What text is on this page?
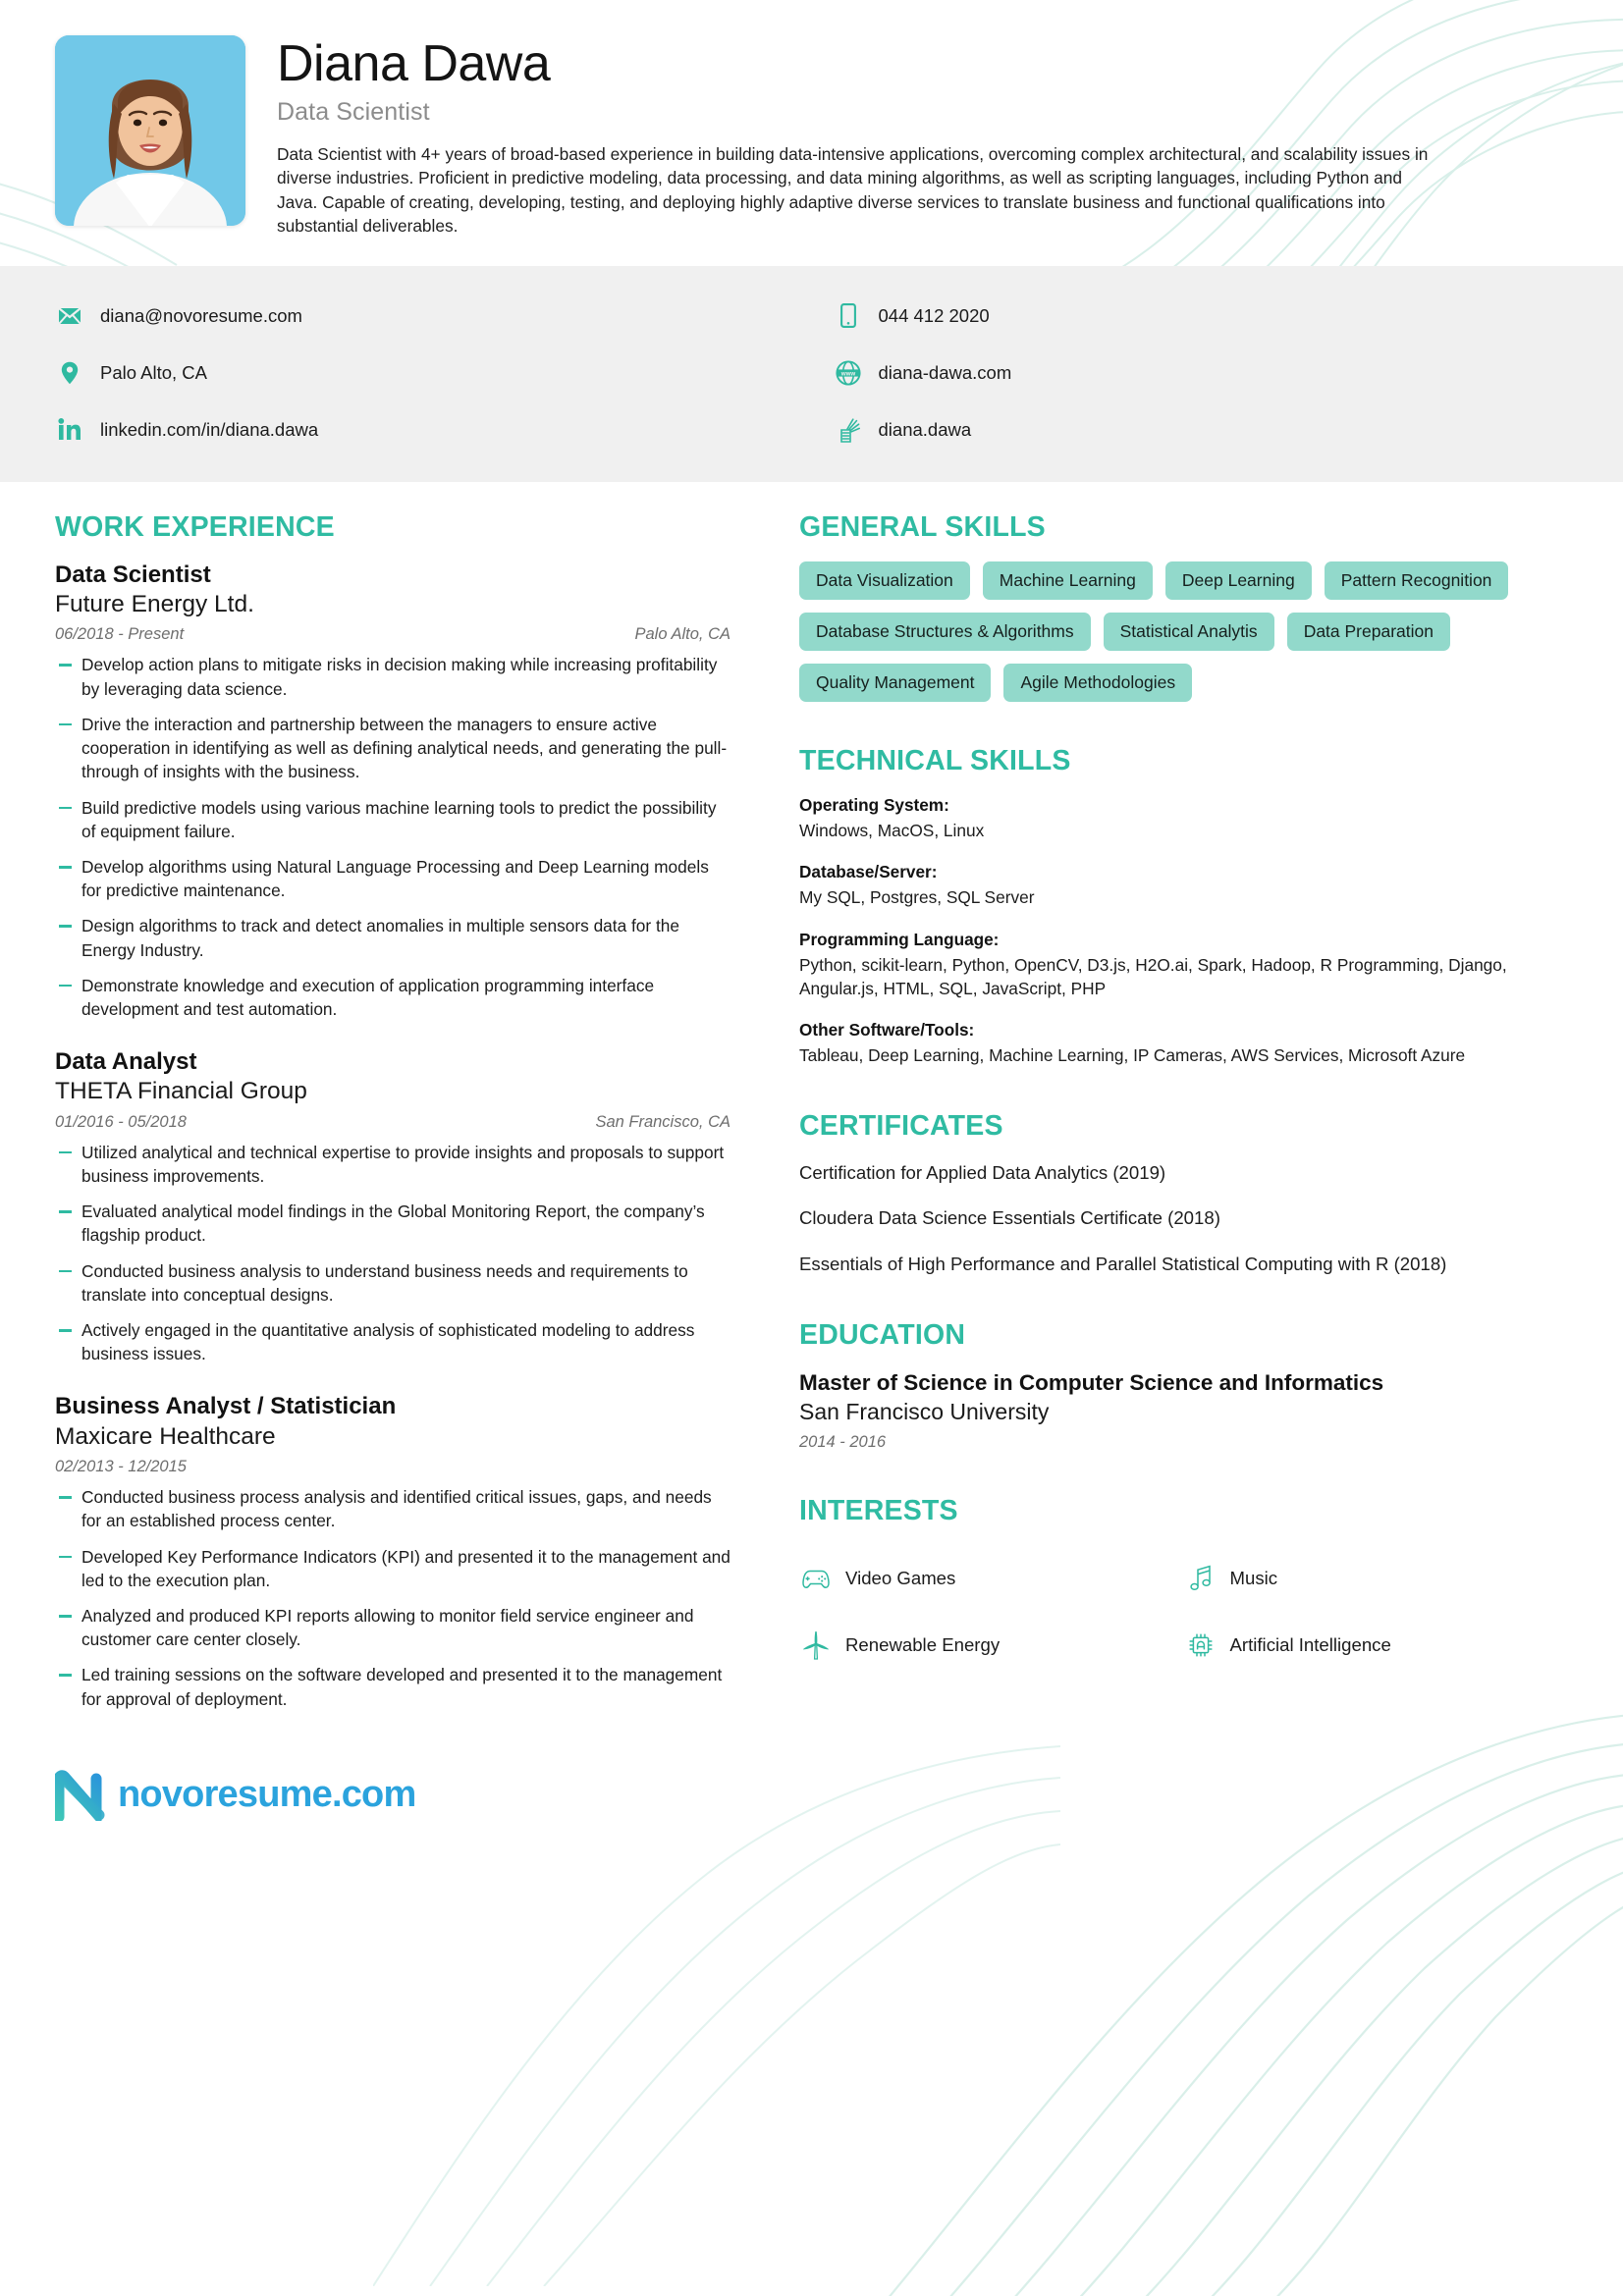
Diana Dawa
Data Scientist
Data Scientist with 4+ years of broad-based experience in building data-intensive applications, overcoming complex architectural, and scalability issues in diverse industries. Proficient in predictive modeling, data processing, and data mining algorithms, as well as scripting languages, including Python and Java. Capable of creating, developing, testing, and deploying highly adaptive diverse services to translate business and functional qualifications into substantial deliverables.
diana@novoresume.com
Palo Alto, CA
linkedin.com/in/diana.dawa
044 412 2020
www diana-dawa.com
diana.dawa
WORK EXPERIENCE
Data Scientist
Future Energy Ltd.
06/2018 - Present	Palo Alto, CA
Develop action plans to mitigate risks in decision making while increasing profitability by leveraging data science.
Drive the interaction and partnership between the managers to ensure active cooperation in identifying as well as defining analytical needs, and generating the pull-through of insights with the business.
Build predictive models using various machine learning tools to predict the possibility of equipment failure.
Develop algorithms using Natural Language Processing and Deep Learning models for predictive maintenance.
Design algorithms to track and detect anomalies in multiple sensors data for the Energy Industry.
Demonstrate knowledge and execution of application programming interface development and test automation.
Data Analyst
THETA Financial Group
01/2016 - 05/2018	San Francisco, CA
Utilized analytical and technical expertise to provide insights and proposals to support business improvements.
Evaluated analytical model findings in the Global Monitoring Report, the company’s flagship product.
Conducted business analysis to understand business needs and requirements to translate into conceptual designs.
Actively engaged in the quantitative analysis of sophisticated modeling to address business issues.
Business Analyst / Statistician
Maxicare Healthcare
02/2013 - 12/2015
Conducted business process analysis and identified critical issues, gaps, and needs for an established process center.
Developed Key Performance Indicators (KPI) and presented it to the management and led to the execution plan.
Analyzed and produced KPI reports allowing to monitor field service engineer and customer care center closely.
Led training sessions on the software developed and presented it to the management for approval of deployment.
GENERAL SKILLS
Data Visualization	Machine Learning	Deep Learning	Pattern Recognition
Database Structures & Algorithms	Statistical Analytis	Data Preparation
Quality Management	Agile Methodologies
TECHNICAL SKILLS
Operating System:
Windows, MacOS, Linux
Database/Server:
My SQL, Postgres, SQL Server
Programming Language:
Python, scikit-learn, Python, OpenCV, D3.js, H2O.ai, Spark, Hadoop, R Programming, Django, Angular.js, HTML, SQL, JavaScript, PHP
Other Software/Tools:
Tableau, Deep Learning, Machine Learning, IP Cameras, AWS Services, Microsoft Azure
CERTIFICATES
Certification for Applied Data Analytics (2019)
Cloudera Data Science Essentials Certificate (2018)
Essentials of High Performance and Parallel Statistical Computing with R (2018)
EDUCATION
Master of Science in Computer Science and Informatics
San Francisco University
2014 - 2016
INTERESTS
Video Games	Music
Renewable Energy	Artificial Intelligence
novoresume.com
